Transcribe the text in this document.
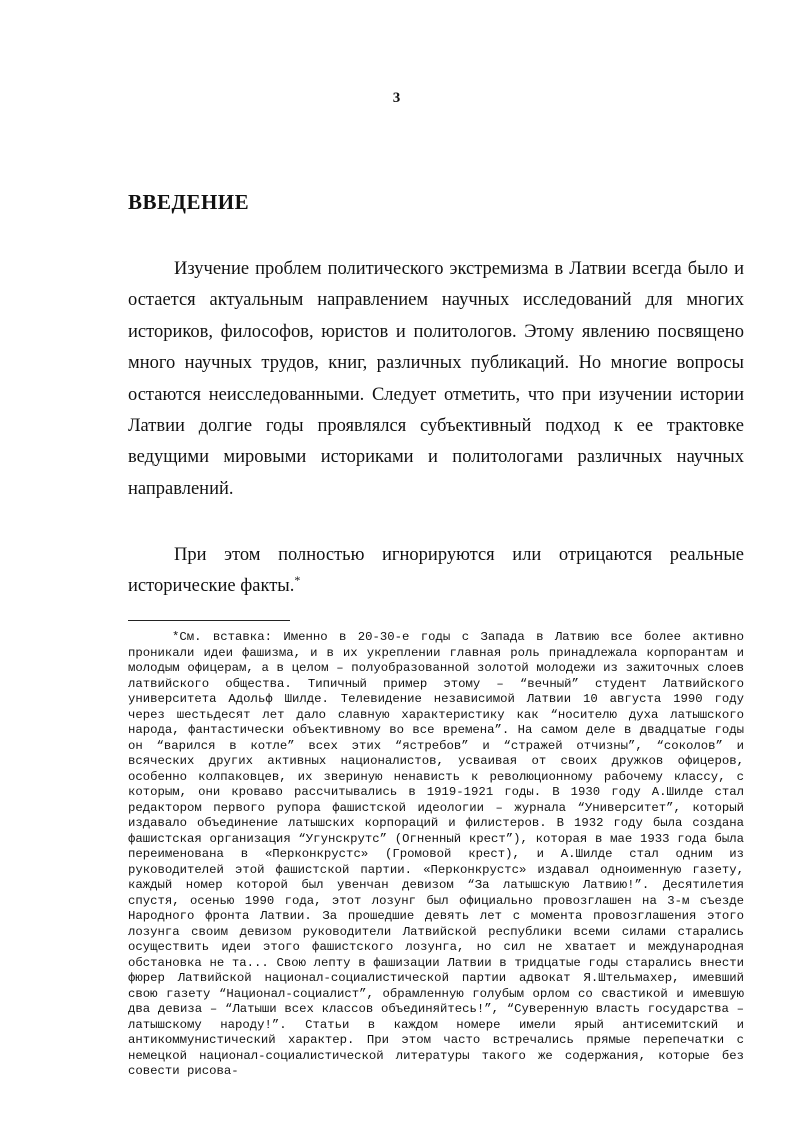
3
ВВЕДЕНИЕ

Изучение проблем политического экстремизма в Латвии всегда было и остается актуальным направлением научных исследований для многих историков, философов, юристов и политологов. Этому явлению посвящено много научных трудов, книг, различных публикаций. Но многие вопросы остаются неисследованными. Следует отметить, что при изучении истории Латвии долгие годы проявлялся субъективный подход к ее трактовке ведущими мировыми историками и политологами различных научных направлений.

При этом полностью игнорируются или отрицаются реальные исторические факты.*

*См. вставка: Именно в 20-30-е годы с Запада в Латвию все более активно проникали идеи фашизма, и в их укреплении главная роль принадлежала корпорантам и молодым офицерам, а в целом – полуобразованной золотой молодежи из зажиточных слоев латвийского общества. Типичный пример этому – “вечный” студент Латвийского университета Адольф Шилде. Телевидение независимой Латвии 10 августа 1990 году через шестьдесят лет дало славную характеристику как “носителю духа латышского народа, фантастически объективному во все времена”. На самом деле в двадцатые годы он “варился в котле” всех этих “ястребов” и “стражей отчизны”, “соколов” и всяческих других активных националистов, усваивая от своих дружков офицеров, особенно колпаковцев, их звериную ненависть к революционному рабочему классу, с которым, они кроваво рассчитывались в 1919-1921 годы. В 1930 году А.Шилде стал редактором первого рупора фашистской идеологии – журнала “Университет”, который издавало объединение латышских корпораций и филистеров. В 1932 году была создана фашистская организация “Угунскрутс” (Огненный крест”), которая в мае 1933 года была переименована в «Перконкрустс» (Громовой крест), и А.Шилде стал одним из руководителей этой фашистской партии. «Перконкрустс» издавал одноименную газету, каждый номер которой был увенчан девизом “За латышскую Латвию!”. Десятилетия спустя, осенью 1990 года, этот лозунг был официально провозглашен на 3-м съезде Народного фронта Латвии. За прошедшие девять лет с момента провозглашения этого лозунга своим девизом руководители Латвийской республики всеми силами старались осуществить идеи этого фашистского лозунга, но сил не хватает и международная обстановка не та... Свою лепту в фашизации Латвии в тридцатые годы старались внести фюрер Латвийской национал-социалистической партии адвокат Я.Штельмахер, имевший свою газету “Национал-социалист”, обрамленную голубым орлом со свастикой и имевшую два девиза – “Латыши всех классов объединяйтесь!”, “Суверенную власть государства – латышскому народу!”. Статьи в каждом номере имели ярый антисемитский и антикоммунистический характер. При этом часто встречались прямые перепечатки с немецкой национал-социалистической литературы такого же содержания, которые без совести рисова-
